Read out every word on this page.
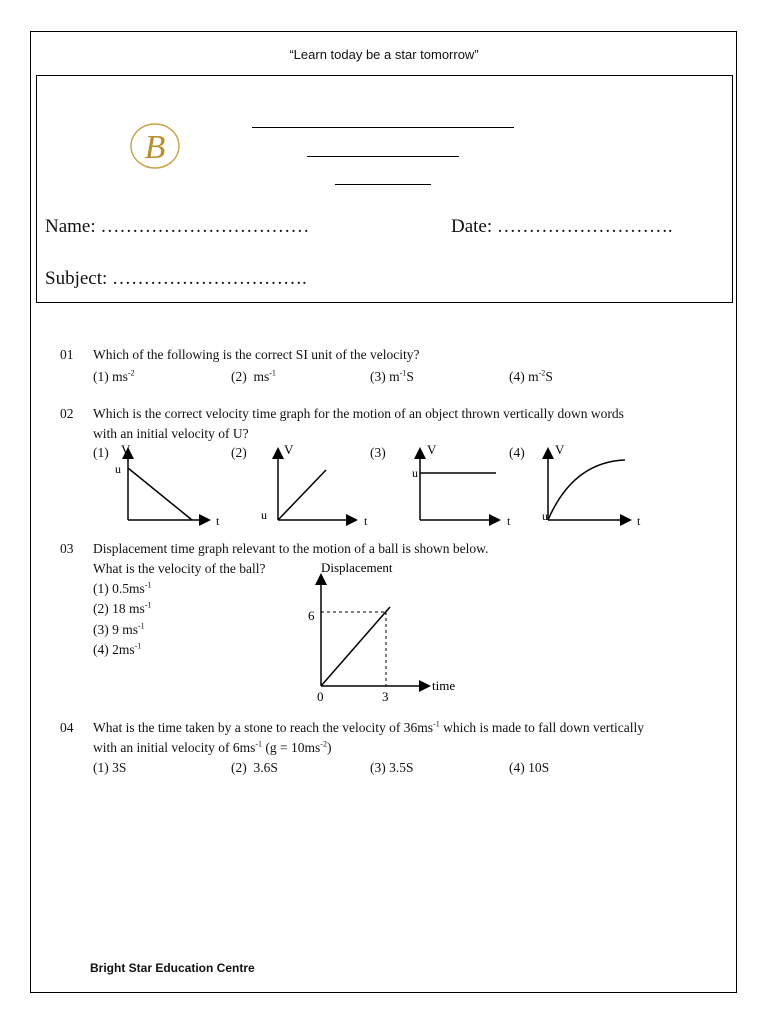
“Learn today be a star tomorrow”
B
Name: ……………………………	Date: ……………………….
Subject: ………………………….
01 Which of the following is the correct SI unit of the velocity?
(1) $ms^{-2}$	(2) $ms^{-1}$	(3) $m^{-1}S$	(4) $m^{-2}S$
02 Which is the correct velocity time graph for the motion of an object thrown vertically down words
with an initial velocity of U?
(1)	(2)	(3)	(4)
V
u
t
V
u	t
V
u
t
V
u	t
03 Displacement time graph relevant to the motion of a ball is shown below.
What is the velocity of the ball?
(1) $0.5ms^{-1}$
(2) 18 $ms^{-1}$
(3) 9 $ms^{-1}$
(4) $2ms^{-1}$
Displacement
time
6
3
0
04 What is the time taken by a stone to reach the velocity of $36ms^{-1}$ which is made to fall down vertically
with an initial velocity of $6ms^{-1}$ $(g = 10ms^{-2})$
(1) 3S	(2) 3.6S	(3) 3.5S	(4) 10S
Bright Star Education Centre
